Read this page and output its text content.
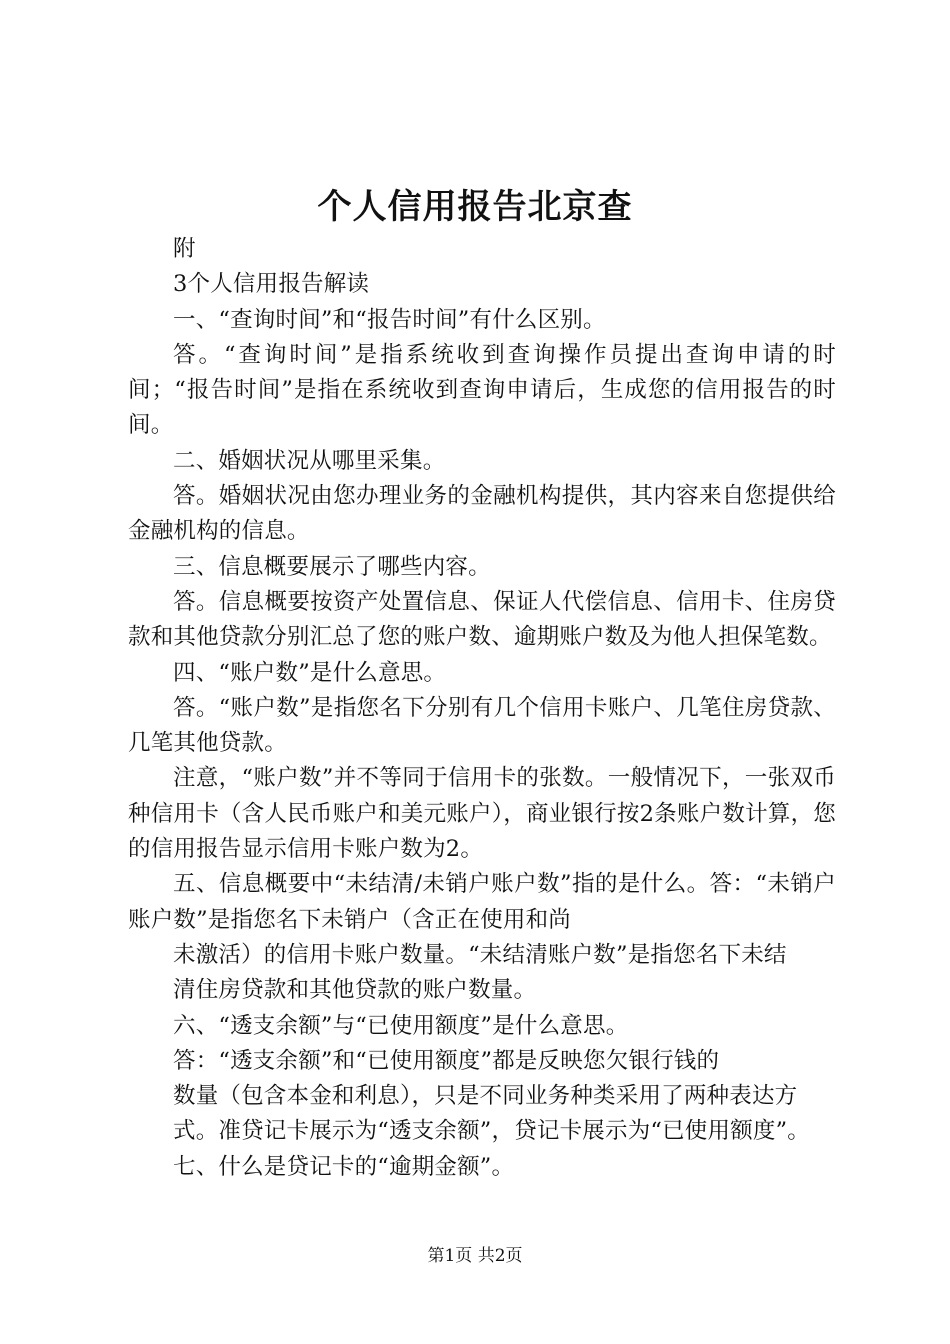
个人信用报告北京查

附

3个人信用报告解读

一、“查询时间”和“报告时间”有什么区别。

答。“查询时间”是指系统收到查询操作员提出查询申请的时间；“报告时间”是指在系统收到查询申请后，生成您的信用报告的时间。

二、婚姻状况从哪里采集。

答。婚姻状况由您办理业务的金融机构提供，其内容来自您提供给金融机构的信息。

三、信息概要展示了哪些内容。

答。信息概要按资产处置信息、保证人代偿信息、信用卡、住房贷款和其他贷款分别汇总了您的账户数、逾期账户数及为他人担保笔数。

四、“账户数”是什么意思。

答。“账户数”是指您名下分别有几个信用卡账户、几笔住房贷款、几笔其他贷款。

注意，“账户数”并不等同于信用卡的张数。一般情况下，一张双币种信用卡（含人民币账户和美元账户），商业银行按2条账户数计算，您的信用报告显示信用卡账户数为2。

五、信息概要中“未结清/未销户账户数”指的是什么。答：“未销户账户数”是指您名下未销户（含正在使用和尚

未激活）的信用卡账户数量。“未结清账户数”是指您名下未结

清住房贷款和其他贷款的账户数量。

六、“透支余额”与“已使用额度”是什么意思。

答：“透支余额”和“已使用额度”都是反映您欠银行钱的

数量（包含本金和利息），只是不同业务种类采用了两种表达方

式。准贷记卡展示为“透支余额”，贷记卡展示为“已使用额度”。

七、什么是贷记卡的“逾期金额”。

第1页 共2页
